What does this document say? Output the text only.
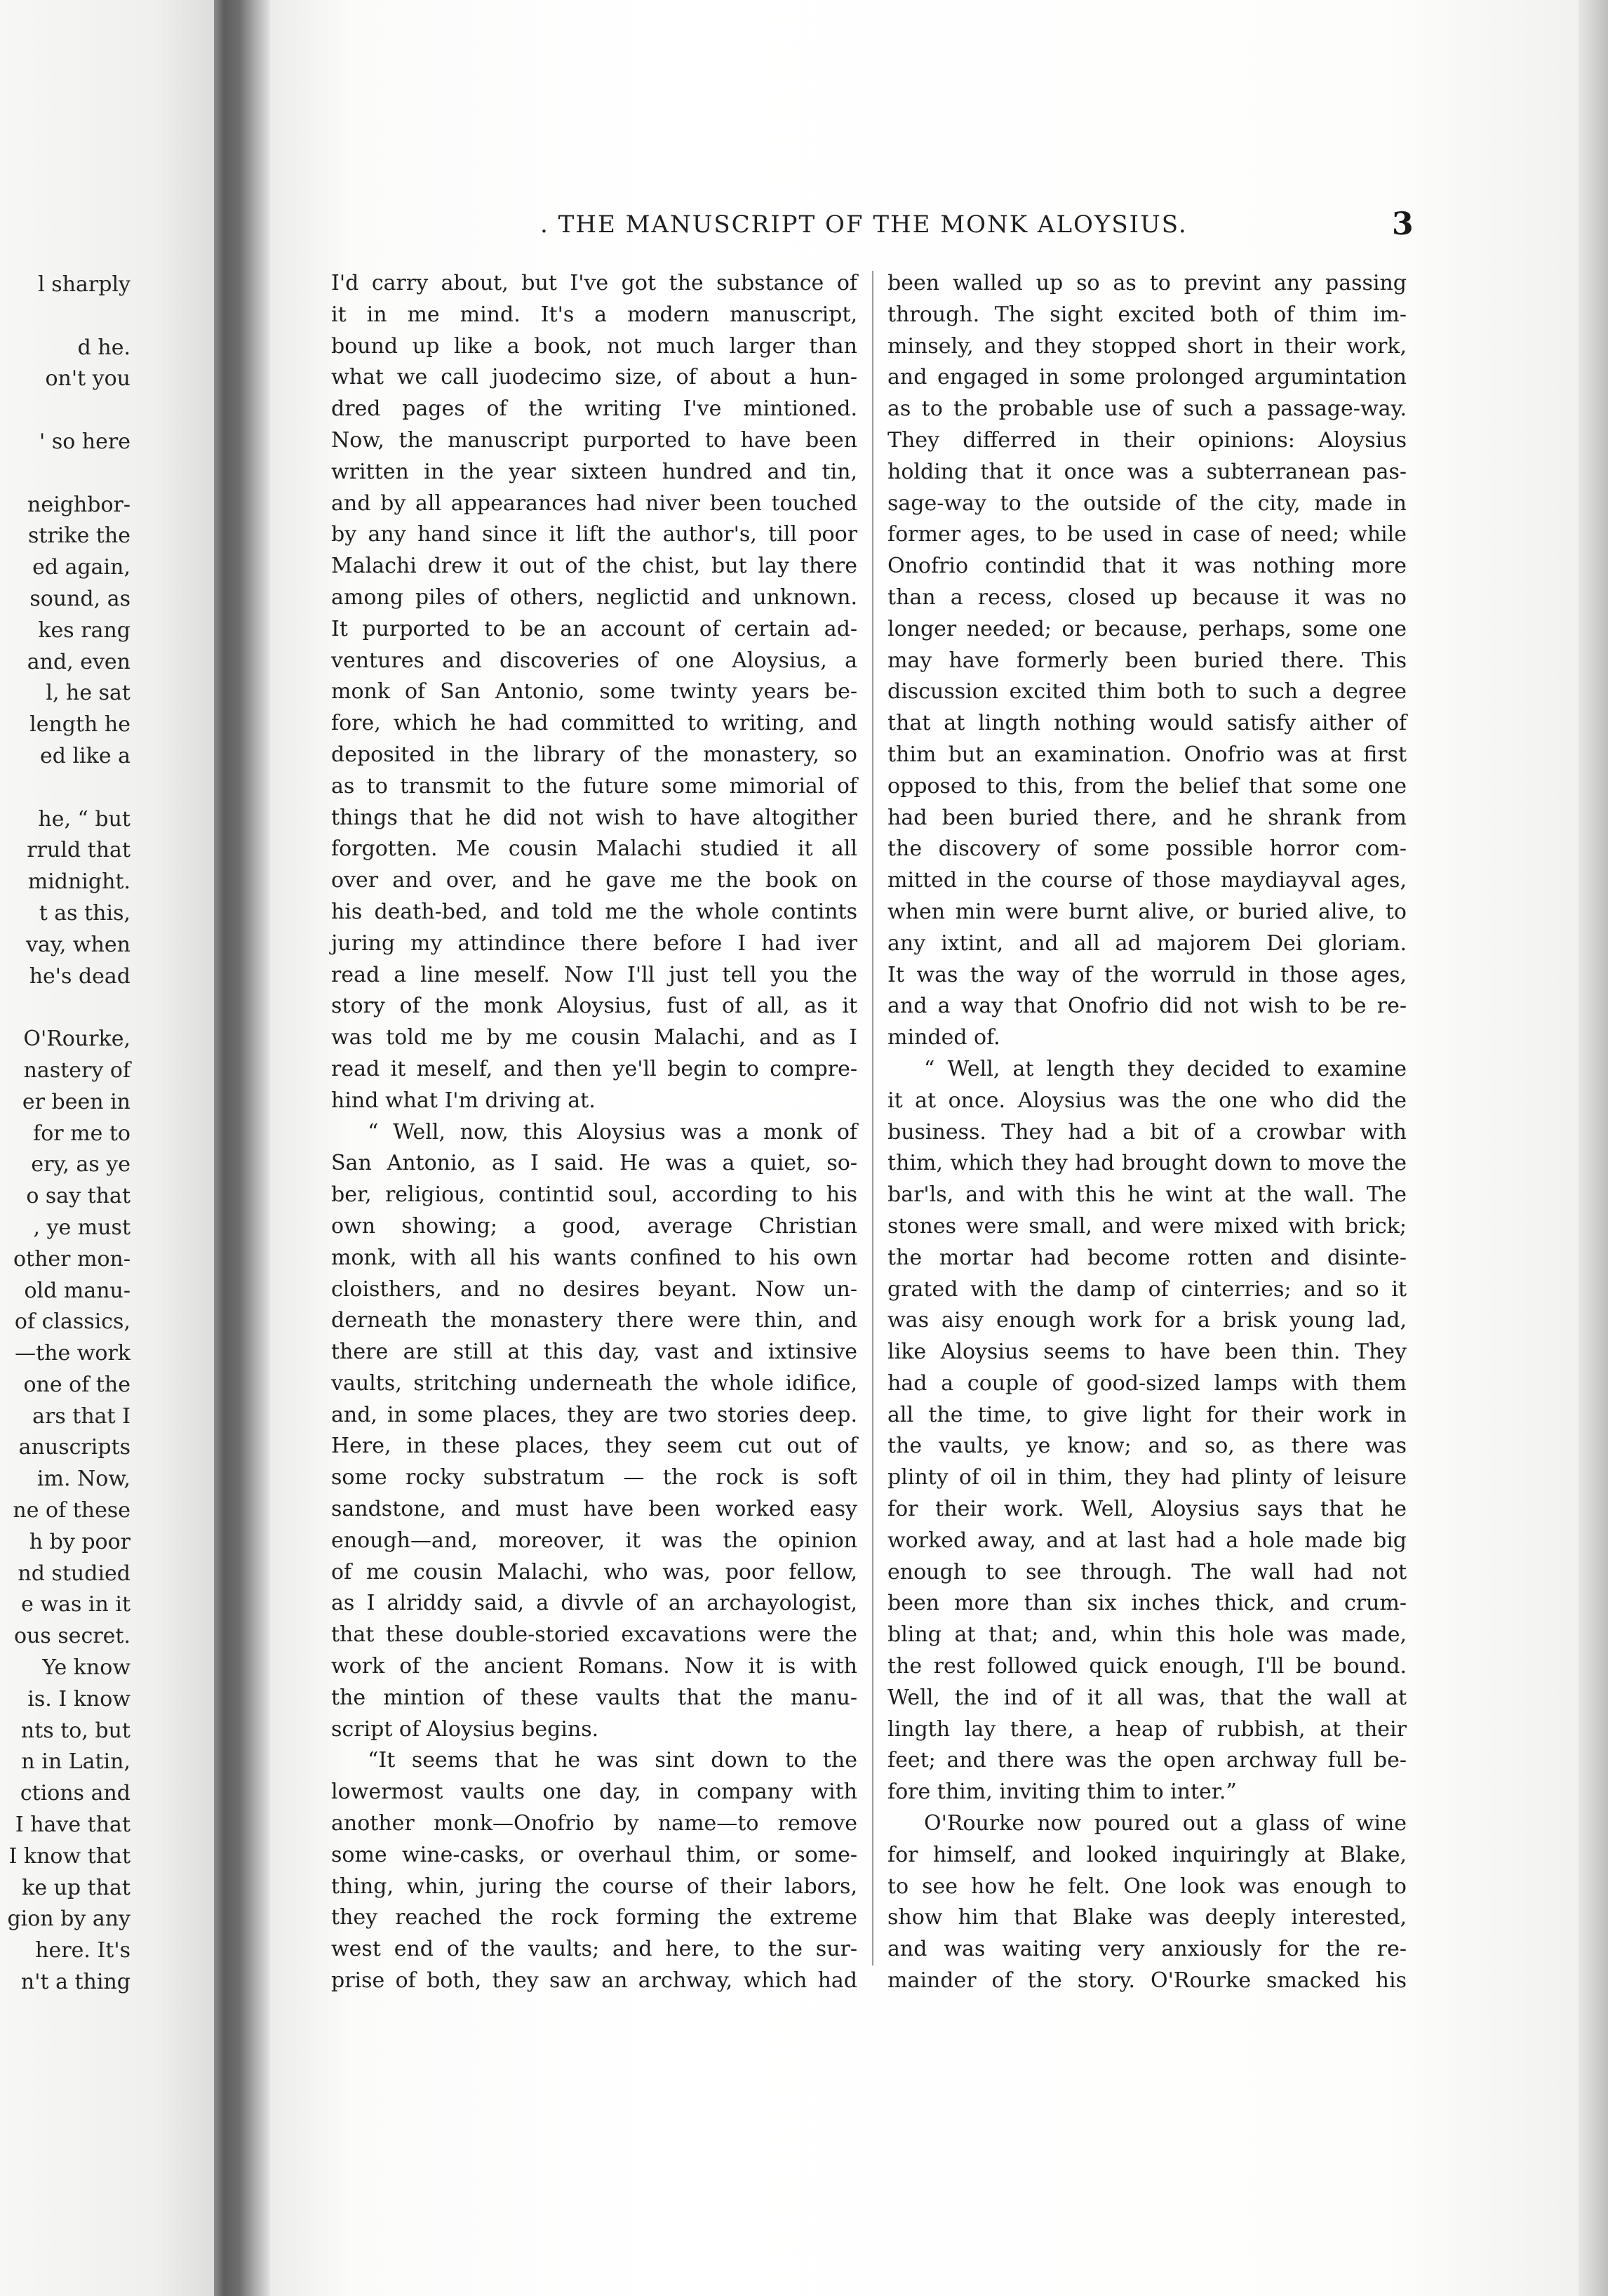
l sharply
d he.
on't you
' so here
neighbor-
strike the
ed again,
sound, as
kes rang
and, even
l, he sat
length he
ed like a
he, “ but
rruld that
midnight.
t as this,
vay, when
he's dead
O'Rourke,
nastery of
er been in
for me to
ery, as ye
o say that
, ye must
other mon-
old manu-
of classics,
—the work
one of the
ars that I
anuscripts
im. Now,
ne of these
h by poor
nd studied
e was in it
ous secret.
Ye know
is. I know
nts to, but
n in Latin,
ctions and
I have that
I know that
ke up that
gion by any
here. It's
n't a thing
. THE MANUSCRIPT OF THE MONK ALOYSIUS.	3
I'd carry about, but I've got the substance of
it in me mind. It's a modern manuscript,
bound up like a book, not much larger than
what we call juodecimo size, of about a hun-
dred pages of the writing I've mintioned.
Now, the manuscript purported to have been
written in the year sixteen hundred and tin,
and by all appearances had niver been touched
by any hand since it lift the author's, till poor
Malachi drew it out of the chist, but lay there
among piles of others, neglictid and unknown.
It purported to be an account of certain ad-
ventures and discoveries of one Aloysius, a
monk of San Antonio, some twinty years be-
fore, which he had committed to writing, and
deposited in the library of the monastery, so
as to transmit to the future some mimorial of
things that he did not wish to have altogither
forgotten. Me cousin Malachi studied it all
over and over, and he gave me the book on
his death-bed, and told me the whole contints
juring my attindince there before I had iver
read a line meself. Now I'll just tell you the
story of the monk Aloysius, fust of all, as it
was told me by me cousin Malachi, and as I
read it meself, and then ye'll begin to compre-
hind what I'm driving at.
“ Well, now, this Aloysius was a monk of
San Antonio, as I said. He was a quiet, so-
ber, religious, contintid soul, according to his
own showing; a good, average Christian
monk, with all his wants confined to his own
cloisthers, and no desires beyant. Now un-
derneath the monastery there were thin, and
there are still at this day, vast and ixtinsive
vaults, stritching underneath the whole idifice,
and, in some places, they are two stories deep.
Here, in these places, they seem cut out of
some rocky substratum — the rock is soft
sandstone, and must have been worked easy
enough—and, moreover, it was the opinion
of me cousin Malachi, who was, poor fellow,
as I alriddy said, a divvle of an archayologist,
that these double-storied excavations were the
work of the ancient Romans. Now it is with
the mintion of these vaults that the manu-
script of Aloysius begins.
“It seems that he was sint down to the
lowermost vaults one day, in company with
another monk—Onofrio by name—to remove
some wine-casks, or overhaul thim, or some-
thing, whin, juring the course of their labors,
they reached the rock forming the extreme
west end of the vaults; and here, to the sur-
prise of both, they saw an archway, which had
been walled up so as to prevint any passing
through. The sight excited both of thim im-
minsely, and they stopped short in their work,
and engaged in some prolonged argumintation
as to the probable use of such a passage-way.
They differred in their opinions: Aloysius
holding that it once was a subterranean pas-
sage-way to the outside of the city, made in
former ages, to be used in case of need; while
Onofrio contindid that it was nothing more
than a recess, closed up because it was no
longer needed; or because, perhaps, some one
may have formerly been buried there. This
discussion excited thim both to such a degree
that at lingth nothing would satisfy aither of
thim but an examination. Onofrio was at first
opposed to this, from the belief that some one
had been buried there, and he shrank from
the discovery of some possible horror com-
mitted in the course of those maydiayval ages,
when min were burnt alive, or buried alive, to
any ixtint, and all ad majorem Dei gloriam.
It was the way of the worruld in those ages,
and a way that Onofrio did not wish to be re-
minded of.
“ Well, at length they decided to examine
it at once. Aloysius was the one who did the
business. They had a bit of a crowbar with
thim, which they had brought down to move the
bar'ls, and with this he wint at the wall. The
stones were small, and were mixed with brick;
the mortar had become rotten and disinte-
grated with the damp of cinterries; and so it
was aisy enough work for a brisk young lad,
like Aloysius seems to have been thin. They
had a couple of good-sized lamps with them
all the time, to give light for their work in
the vaults, ye know; and so, as there was
plinty of oil in thim, they had plinty of leisure
for their work. Well, Aloysius says that he
worked away, and at last had a hole made big
enough to see through. The wall had not
been more than six inches thick, and crum-
bling at that; and, whin this hole was made,
the rest followed quick enough, I'll be bound.
Well, the ind of it all was, that the wall at
lingth lay there, a heap of rubbish, at their
feet; and there was the open archway full be-
fore thim, inviting thim to inter.”
O'Rourke now poured out a glass of wine
for himself, and looked inquiringly at Blake,
to see how he felt. One look was enough to
show him that Blake was deeply interested,
and was waiting very anxiously for the re-
mainder of the story. O'Rourke smacked his
